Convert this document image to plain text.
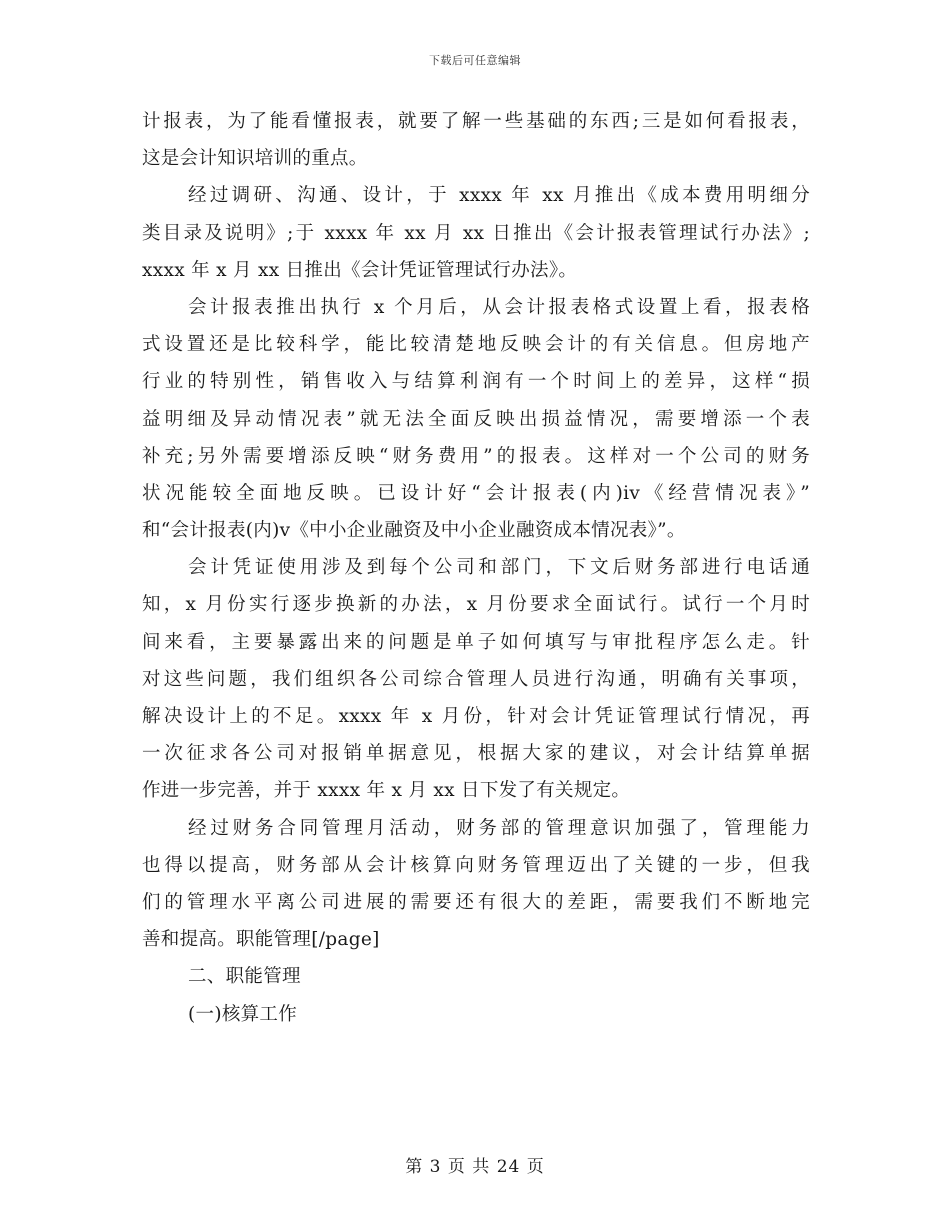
下载后可任意编辑
计报表，为了能看懂报表，就要了解一些基础的东西;三是如何看报表，
这是会计知识培训的重点。
经过调研、沟通、设计，于 xxxx 年 xx 月推出《成本费用明细分
类目录及说明》;于 xxxx 年 xx 月 xx 日推出《会计报表管理试行办法》;
xxxx 年 x 月 xx 日推出《会计凭证管理试行办法》。
会计报表推出执行 x 个月后，从会计报表格式设置上看，报表格
式设置还是比较科学，能比较清楚地反映会计的有关信息。但房地产
行业的特别性，销售收入与结算利润有一个时间上的差异，这样“损
益明细及异动情况表”就无法全面反映出损益情况，需要增添一个表
补充;另外需要增添反映“财务费用”的报表。这样对一个公司的财务
状况能较全面地反映。已设计好“会计报表(内)iv《经营情况表》”
和“会计报表(内)v《中小企业融资及中小企业融资成本情况表》”。
会计凭证使用涉及到每个公司和部门，下文后财务部进行电话通
知，x 月份实行逐步换新的办法，x 月份要求全面试行。试行一个月时
间来看，主要暴露出来的问题是单子如何填写与审批程序怎么走。针
对这些问题，我们组织各公司综合管理人员进行沟通，明确有关事项，
解决设计上的不足。xxxx 年 x 月份，针对会计凭证管理试行情况，再
一次征求各公司对报销单据意见，根据大家的建议，对会计结算单据
作进一步完善，并于 xxxx 年 x 月 xx 日下发了有关规定。
经过财务合同管理月活动，财务部的管理意识加强了，管理能力
也得以提高，财务部从会计核算向财务管理迈出了关键的一步，但我
们的管理水平离公司进展的需要还有很大的差距，需要我们不断地完
善和提高。职能管理[/page]
二、职能管理
(一)核算工作
第 3 页 共 24 页
